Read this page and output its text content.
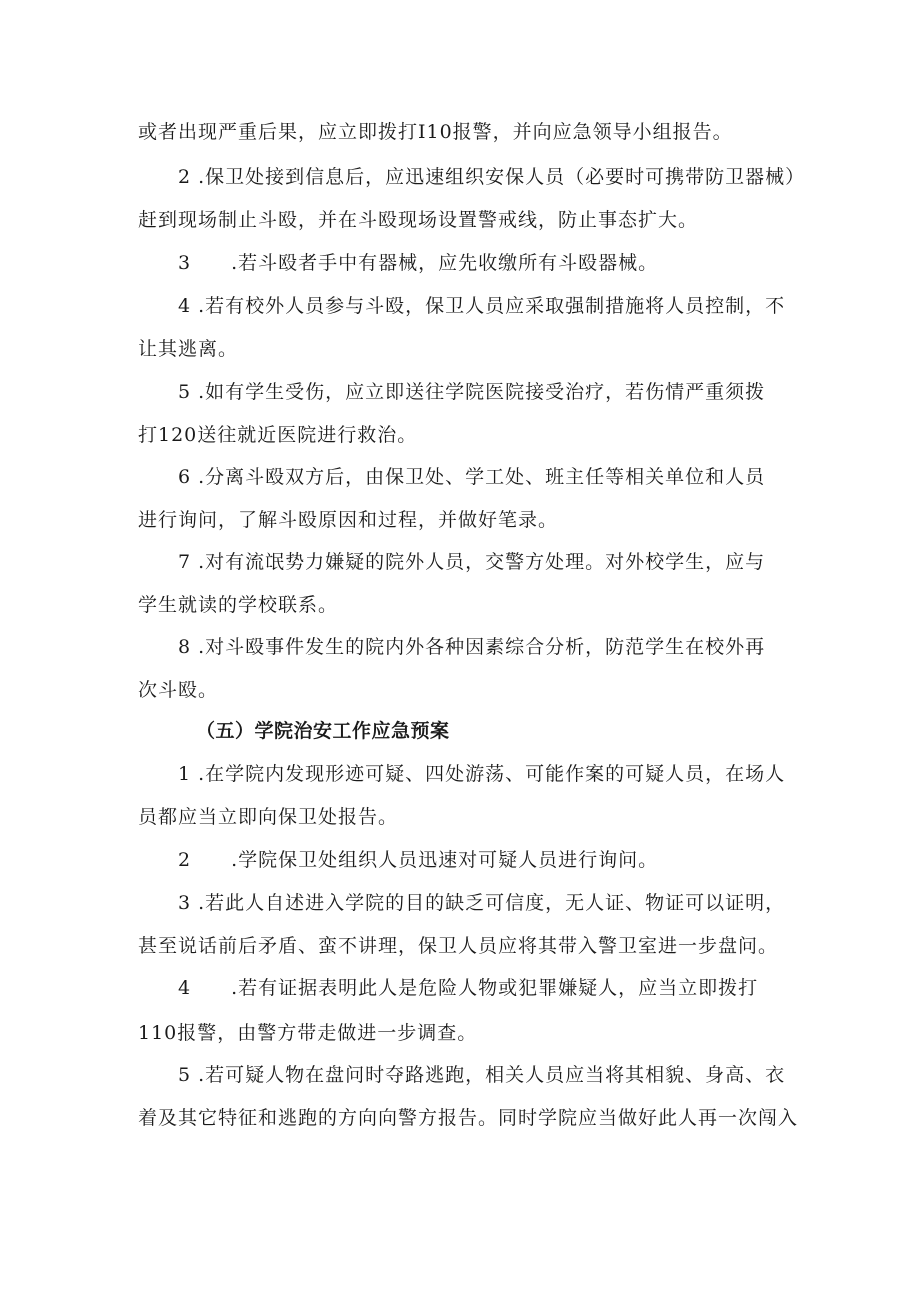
或者出现严重后果，应立即拨打I10报警，并向应急领导小组报告。
2 .保卫处接到信息后，应迅速组织安保人员（必要时可携带防卫器械）
赶到现场制止斗殴，并在斗殴现场设置警戒线，防止事态扩大。
3　　.若斗殴者手中有器械，应先收缴所有斗殴器械。
4 .若有校外人员参与斗殴，保卫人员应采取强制措施将人员控制，不
让其逃离。
5 .如有学生受伤，应立即送往学院医院接受治疗，若伤情严重须拨
打120送往就近医院进行救治。
6 .分离斗殴双方后，由保卫处、学工处、班主任等相关单位和人员
进行询问，了解斗殴原因和过程，并做好笔录。
7 .对有流氓势力嫌疑的院外人员，交警方处理。对外校学生，应与
学生就读的学校联系。
8 .对斗殴事件发生的院内外各种因素综合分析，防范学生在校外再
次斗殴。
（五）学院治安工作应急预案
1 .在学院内发现形迹可疑、四处游荡、可能作案的可疑人员，在场人
员都应当立即向保卫处报告。
2　　.学院保卫处组织人员迅速对可疑人员进行询问。
3 .若此人自述进入学院的目的缺乏可信度，无人证、物证可以证明，
甚至说话前后矛盾、蛮不讲理，保卫人员应将其带入警卫室进一步盘问。
4　　.若有证据表明此人是危险人物或犯罪嫌疑人，应当立即拨打
110报警，由警方带走做进一步调查。
5 .若可疑人物在盘问时夺路逃跑，相关人员应当将其相貌、身高、衣
着及其它特征和逃跑的方向向警方报告。同时学院应当做好此人再一次闯入
